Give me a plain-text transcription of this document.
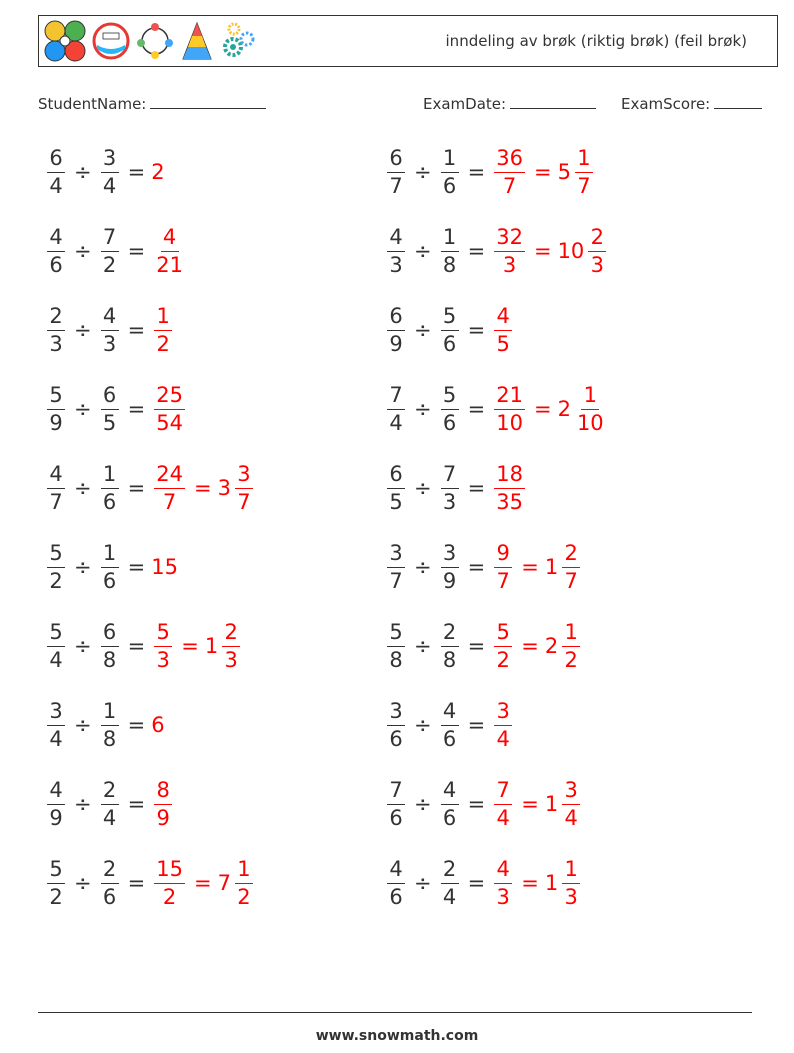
inndeling av brøk (riktig brøk) (feil brøk)
StudentName:	ExamDate:	ExamScore:
$\frac{6}{4} \div \frac{3}{4} = 2$	$\frac{6}{7} \div \frac{1}{6} = \frac{36}{7} = 5 \frac{1}{7}$
$\frac{4}{6} \div \frac{7}{2} = \frac{4}{21}$	$\frac{4}{3} \div \frac{1}{8} = \frac{32}{3} = 10 \frac{2}{3}$
$\frac{2}{3} \div \frac{4}{3} = \frac{1}{2}$	$\frac{6}{9} \div \frac{5}{6} = \frac{4}{5}$
$\frac{5}{9} \div \frac{6}{5} = \frac{25}{54}$	$\frac{7}{4} \div \frac{5}{6} = \frac{21}{10} = 2 \frac{1}{10}$
$\frac{4}{7} \div \frac{1}{6} = \frac{24}{7} = 3 \frac{3}{7}$	$\frac{6}{5} \div \frac{7}{3} = \frac{18}{35}$
$\frac{5}{2} \div \frac{1}{6} = 15$	$\frac{3}{7} \div \frac{3}{9} = \frac{9}{7} = 1 \frac{2}{7}$
$\frac{5}{4} \div \frac{6}{8} = \frac{5}{3} = 1 \frac{2}{3}$	$\frac{5}{8} \div \frac{2}{8} = \frac{5}{2} = 2 \frac{1}{2}$
$\frac{3}{4} \div \frac{1}{8} = 6$	$\frac{3}{6} \div \frac{4}{6} = \frac{3}{4}$
$\frac{4}{9} \div \frac{2}{4} = \frac{8}{9}$	$\frac{7}{6} \div \frac{4}{6} = \frac{7}{4} = 1 \frac{3}{4}$
$\frac{5}{2} \div \frac{2}{6} = \frac{15}{2} = 7 \frac{1}{2}$	$\frac{4}{6} \div \frac{2}{4} = \frac{4}{3} = 1 \frac{1}{3}$
www.snowmath.com
